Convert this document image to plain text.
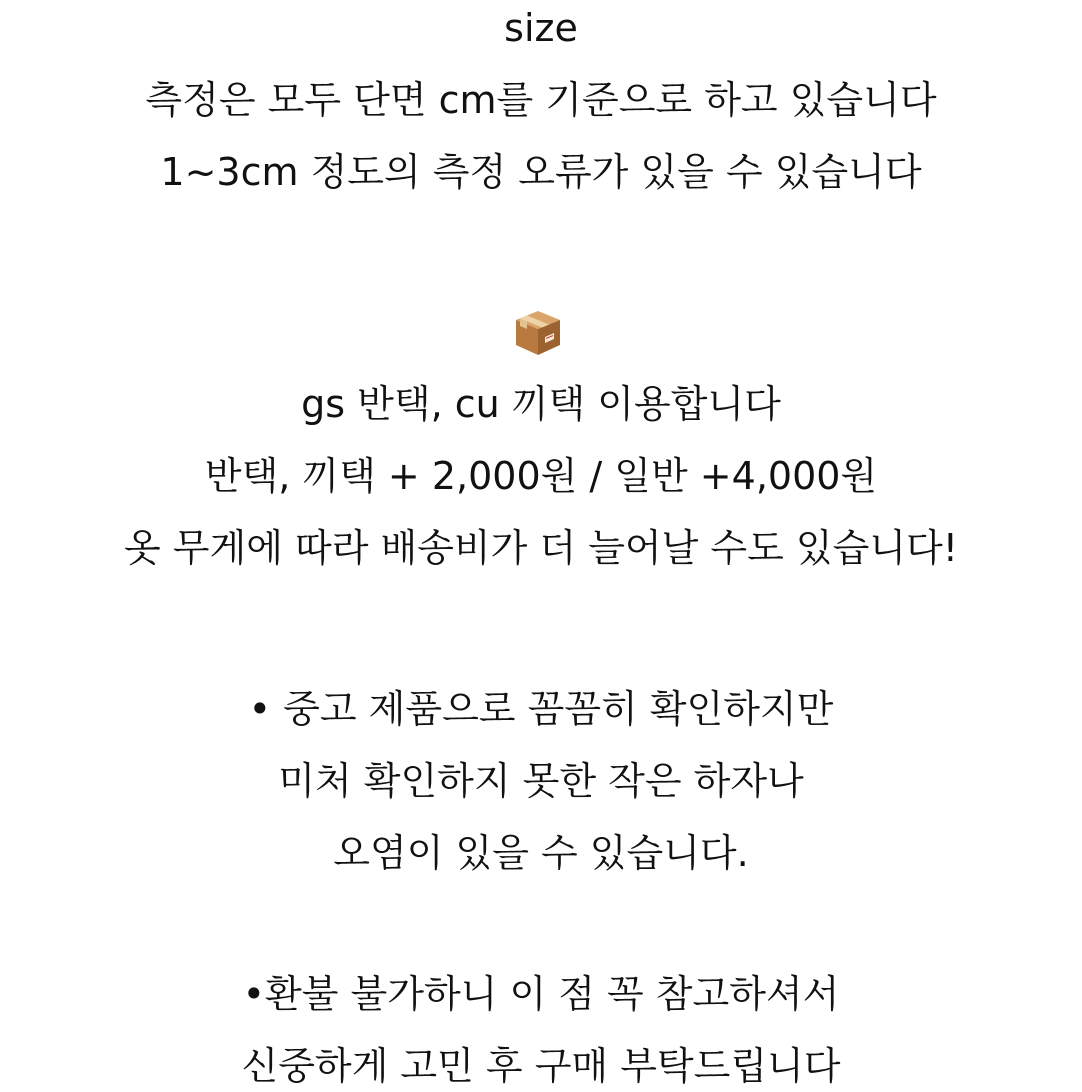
size
측정은 모두 단면 cm를 기준으로 하고 있습니다
1~3cm 정도의 측정 오류가 있을 수 있습니다
gs 반택, cu 끼택 이용합니다
반택, 끼택 + 2,000원 / 일반 +4,000원
옷 무게에 따라 배송비가 더 늘어날 수도 있습니다!
• 중고 제품으로 꼼꼼히 확인하지만
미처 확인하지 못한 작은 하자나
오염이 있을 수 있습니다.
•환불 불가하니 이 점 꼭 참고하셔서
신중하게 고민 후 구매 부탁드립니다
